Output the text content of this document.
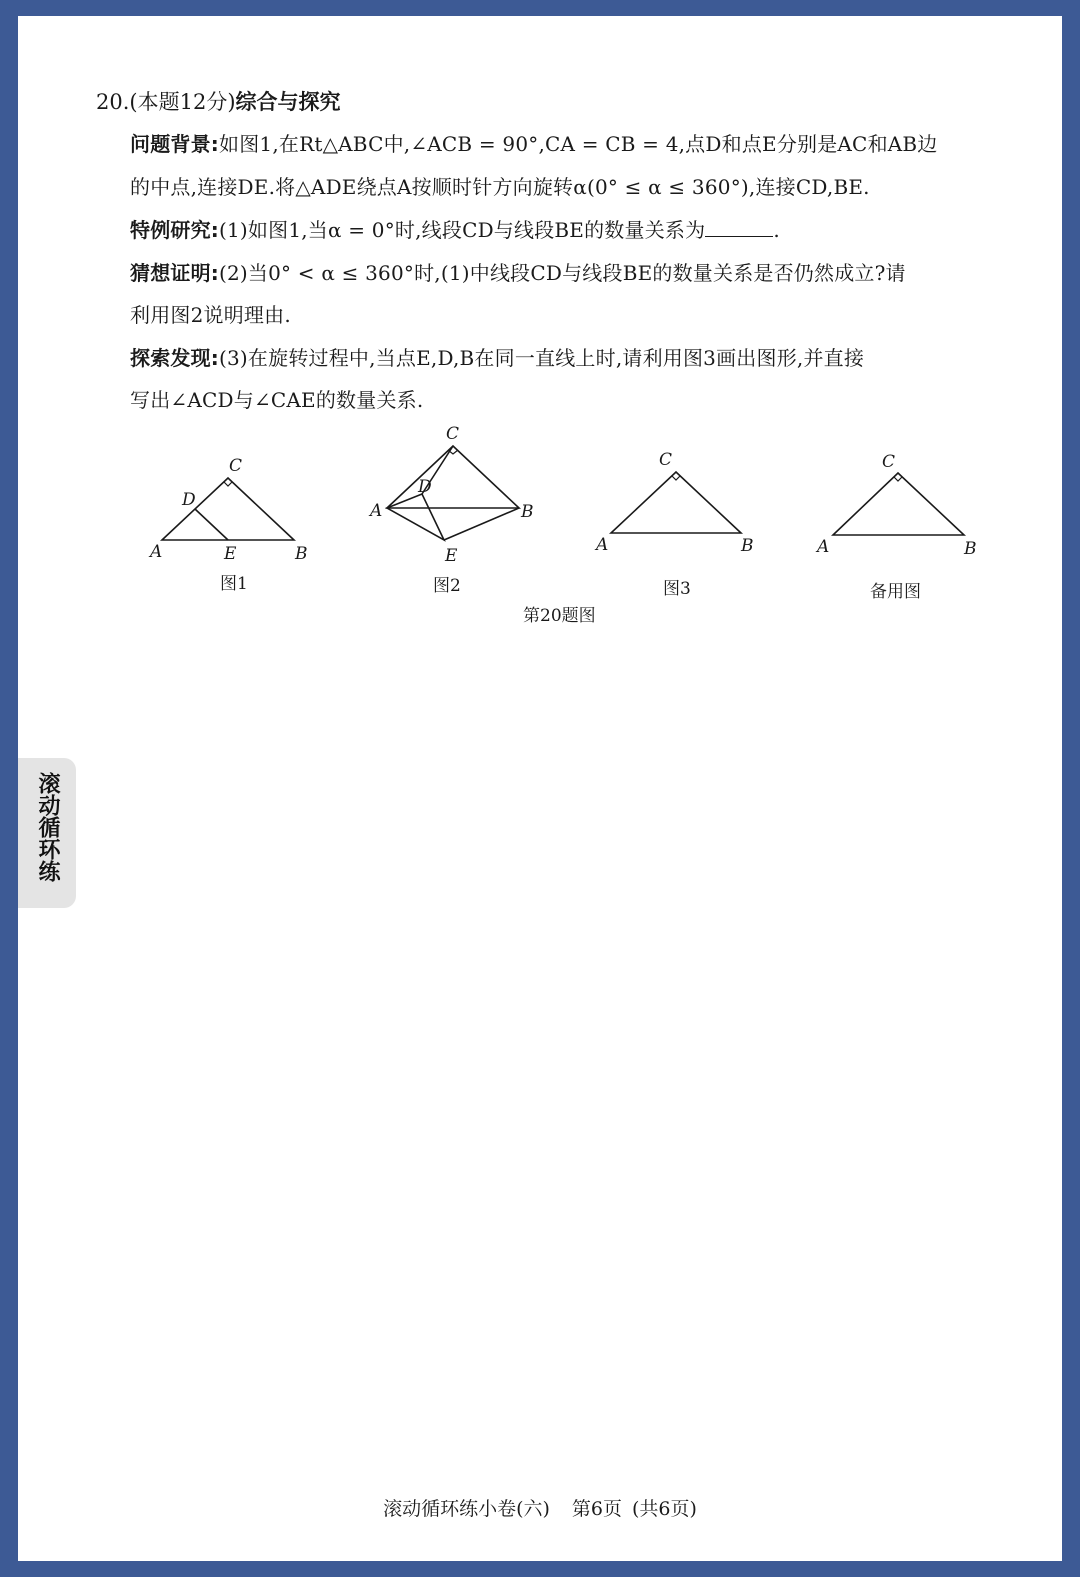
20.(本题12分)综合与探究
问题背景:如图1,在Rt△ABC中,∠ACB = 90°,CA = CB = 4,点D和点E分别是AC和AB边
的中点,连接DE.将△ADE绕点A按顺时针方向旋转α(0° ≤ α ≤ 360°),连接CD,BE.
特例研究:(1)如图1,当α = 0°时,线段CD与线段BE的数量关系为	.
猜想证明:(2)当0° < α ≤ 360°时,(1)中线段CD与线段BE的数量关系是否仍然成立?请
利用图2说明理由.
探索发现:(3)在旋转过程中,当点E,D,B在同一直线上时,请利用图3画出图形,并直接
写出∠ACD与∠CAE的数量关系.
A	B
C
D
E
图1
A	B
C
D
E
图2
A	B
C
图3
A	B
C
备用图
第20题图
滚动循环练
滚动循环练小卷(六) 第6页 (共6页)
